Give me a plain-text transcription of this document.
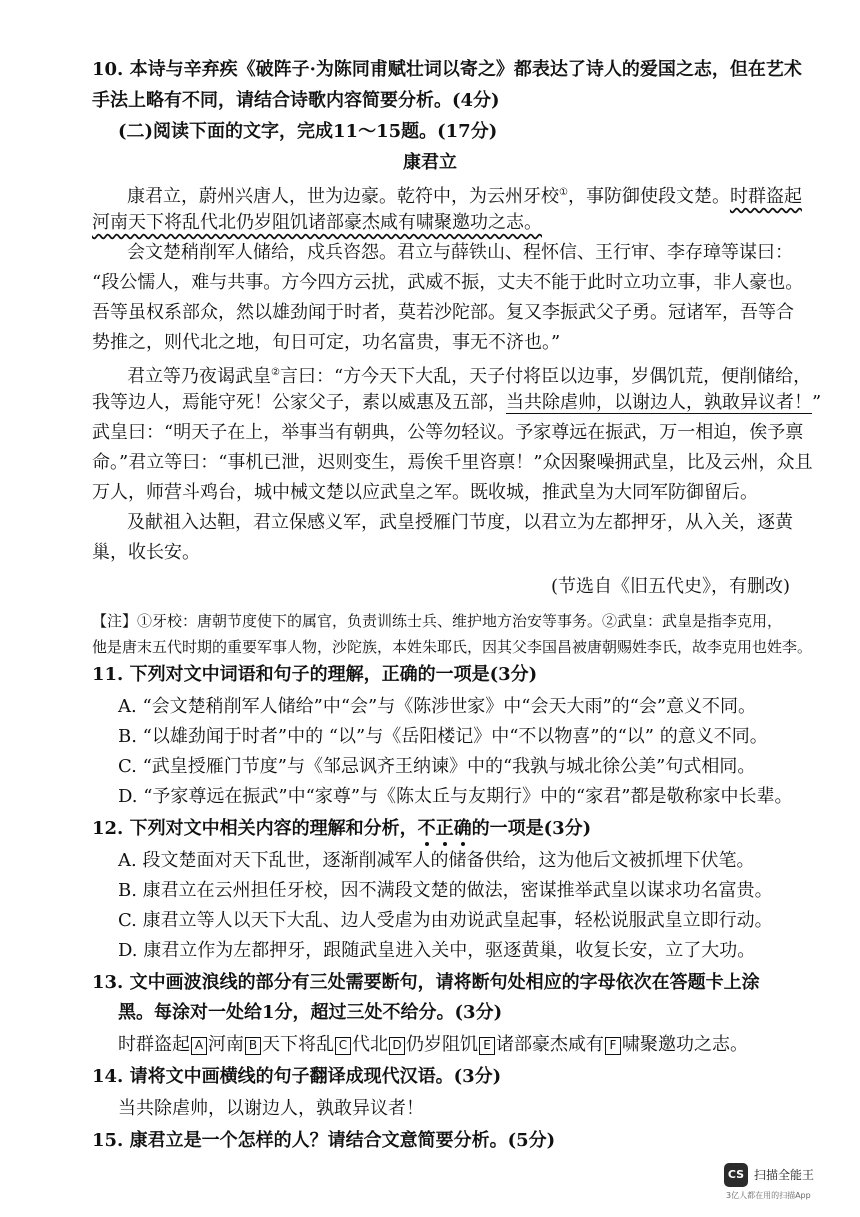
10. 本诗与辛弃疾《破阵子·为陈同甫赋壮词以寄之》都表达了诗人的爱国之志，但在艺术
手法上略有不同，请结合诗歌内容简要分析。(4分)
(二)阅读下面的文字，完成11～15题。(17分)
康君立
康君立，蔚州兴唐人，世为边豪。乾符中，为云州牙校①，事防御使段文楚。时群盗起
河南天下将乱代北仍岁阻饥诸部豪杰咸有啸聚邀功之志。
会文楚稍削军人储给，戍兵咨怨。君立与薛铁山、程怀信、王行审、李存璋等谋曰：
“段公懦人，难与共事。方今四方云扰，武威不振，丈夫不能于此时立功立事，非人豪也。
吾等虽权系部众，然以雄劲闻于时者，莫若沙陀部。复又李振武父子勇。冠诸军，吾等合
势推之，则代北之地，旬日可定，功名富贵，事无不济也。”
君立等乃夜谒武皇②言曰：“方今天下大乱，天子付将臣以边事，岁偶饥荒，便削储给，
我等边人，焉能守死！公家父子，素以威惠及五部，当共除虐帅，以谢边人，孰敢异议者！”
武皇曰：“明天子在上，举事当有朝典，公等勿轻议。予家尊远在振武，万一相迫，俟予禀
命。”君立等曰：“事机已泄，迟则变生，焉俟千里咨禀！”众因聚噪拥武皇，比及云州，众且
万人，师营斗鸡台，城中械文楚以应武皇之军。既收城，推武皇为大同军防御留后。
及献祖入达靼，君立保感义军，武皇授雁门节度，以君立为左都押牙，从入关，逐黄
巢，收长安。
(节选自《旧五代史》，有删改)
【注】①牙校：唐朝节度使下的属官，负责训练士兵、维护地方治安等事务。②武皇：武皇是指李克用，
他是唐末五代时期的重要军事人物，沙陀族，本姓朱耶氏，因其父李国昌被唐朝赐姓李氏，故李克用也姓李。
11. 下列对文中词语和句子的理解，正确的一项是(3分)
A. “会文楚稍削军人储给”中“会”与《陈涉世家》中“会天大雨”的“会”意义不同。
B. “以雄劲闻于时者”中的 “以”与《岳阳楼记》中“不以物喜”的“以” 的意义不同。
C. “武皇授雁门节度”与《邹忌讽齐王纳谏》中的“我孰与城北徐公美”句式相同。
D. “予家尊远在振武”中“家尊”与《陈太丘与友期行》中的“家君”都是敬称家中长辈。
12. 下列对文中相关内容的理解和分析，不
正
确
的一项是(3分)
A. 段文楚面对天下乱世，逐渐削减军人的储备供给，这为他后文被抓埋下伏笔。
B. 康君立在云州担任牙校，因不满段文楚的做法，密谋推举武皇以谋求功名富贵。
C. 康君立等人以天下大乱、边人受虐为由劝说武皇起事，轻松说服武皇立即行动。
D. 康君立作为左都押牙，跟随武皇进入关中，驱逐黄巢，收复长安，立了大功。
13. 文中画波浪线的部分有三处需要断句，请将断句处相应的字母依次在答题卡上涂
黑。每涂对一处给1分，超过三处不给分。(3分)
时群盗起 A 河南 B 天下将乱 C 代北 D 仍岁阻饥 E 诸部豪杰咸有 F 啸聚邀功之志。
14. 请将文中画横线的句子翻译成现代汉语。(3分)
当共除虐帅，以谢边人，孰敢异议者！
15. 康君立是一个怎样的人？请结合文意简要分析。(5分)
CS 扫描全能王
3亿人都在用的扫描App
